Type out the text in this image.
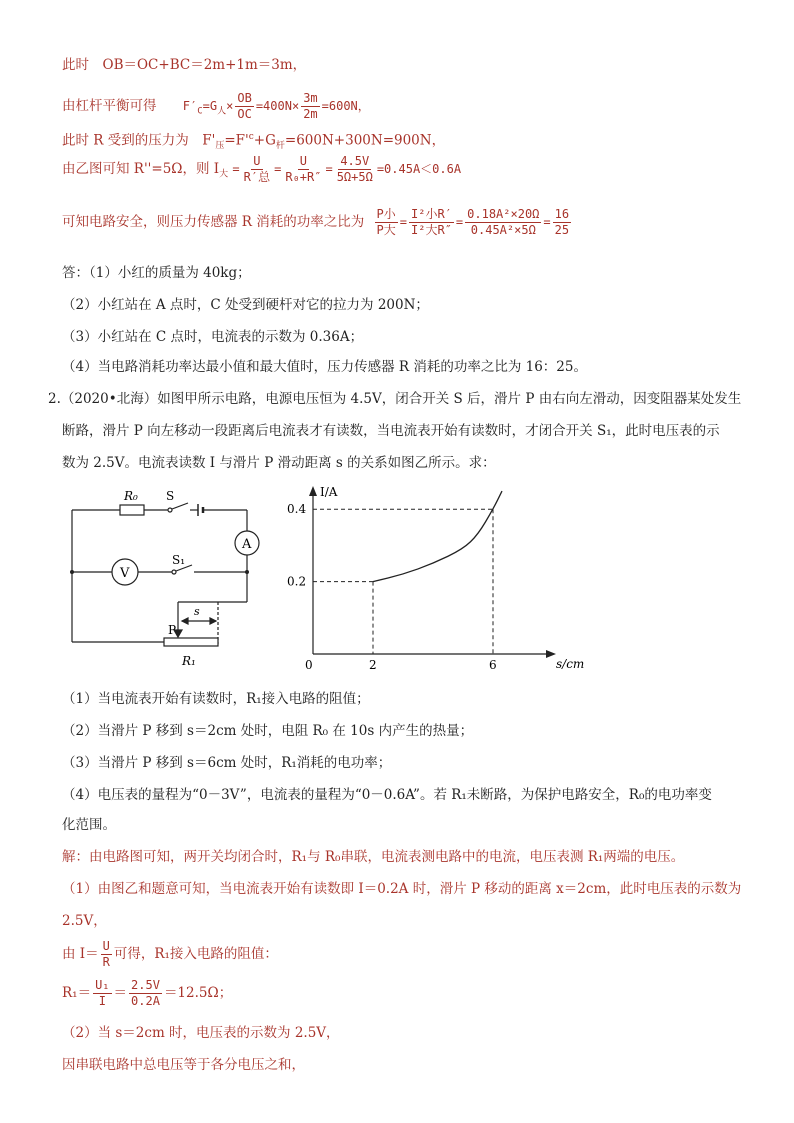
此时　OB＝OC+BC＝2m+1m＝3m，
由杠杆平衡可得 $F'_C=G_人\times \frac{OB}{OC} =400N\times \frac{3m}{2m} =600N$，
此时 R 受到的压力为　$F'_压=F'^c+G_杆=600N+300N=900N$，
由乙图可知 R''=5Ω，则 $I_大 = \frac{U}{\text{R′总}} = \frac{U}{\text{R₀+R″}} = \frac{4.5V}{5\Omega+5\Omega} =0.45A<0.6A$
可知电路安全，则压力传感器 R 消耗的功率之比为 $\frac{\text{P小}}{\text{P大}} = \frac{\text{I²小R′}}{\text{I²大R″}} = \frac{\text{0.18A²×20Ω}}{\text{0.45A²×5Ω}} = \frac{16}{25}$
答：（1）小红的质量为 40kg；
（2）小红站在 A 点时，C 处受到硬杆对它的拉力为 200N；
（3）小红站在 C 点时，电流表的示数为 0.36A；
（4）当电路消耗功率达最小值和最大值时，压力传感器 R 消耗的功率之比为 16：25。
2.（2020•北海）如图甲所示电路，电源电压恒为 4.5V，闭合开关 S 后，滑片 P 由右向左滑动，因变阻器某处发生
断路，滑片 P 向左移动一段距离后电流表才有读数，当电流表开始有读数时，才闭合开关 S₁，此时电压表的示
数为 2.5V。电流表读数 I 与滑片 P 滑动距离 s 的关系如图乙所示。求：
R₀ S
A
V
S₁
P
s
R₁	0	2	6
0.2
0.4
I/A
s/cm
（1）当电流表开始有读数时，R₁接入电路的阻值；
（2）当滑片 P 移到 s＝2cm 处时，电阻 R₀ 在 10s 内产生的热量；
（3）当滑片 P 移到 s＝6cm 处时，R₁消耗的电功率；
（4）电压表的量程为“0－3V”，电流表的量程为“0－0.6A”。若 R₁未断路，为保护电路安全，R₀的电功率变
化范围。
解：由电路图可知，两开关均闭合时，R₁与 R₀串联，电流表测电路中的电流，电压表测 R₁两端的电压。
（1）由图乙和题意可知，当电流表开始有读数即 I＝0.2A 时，滑片 P 移动的距离 x＝2cm，此时电压表的示数为
2.5V，
由 $I= \frac{U}{R}$ 可得，R₁接入电路的阻值：
$R_1= \frac{\text{U₁}}{I} = \frac{2.5V}{0.2A} =12.5\Omega$；
（2）当 s＝2cm 时，电压表的示数为 2.5V，
因串联电路中总电压等于各分电压之和，
